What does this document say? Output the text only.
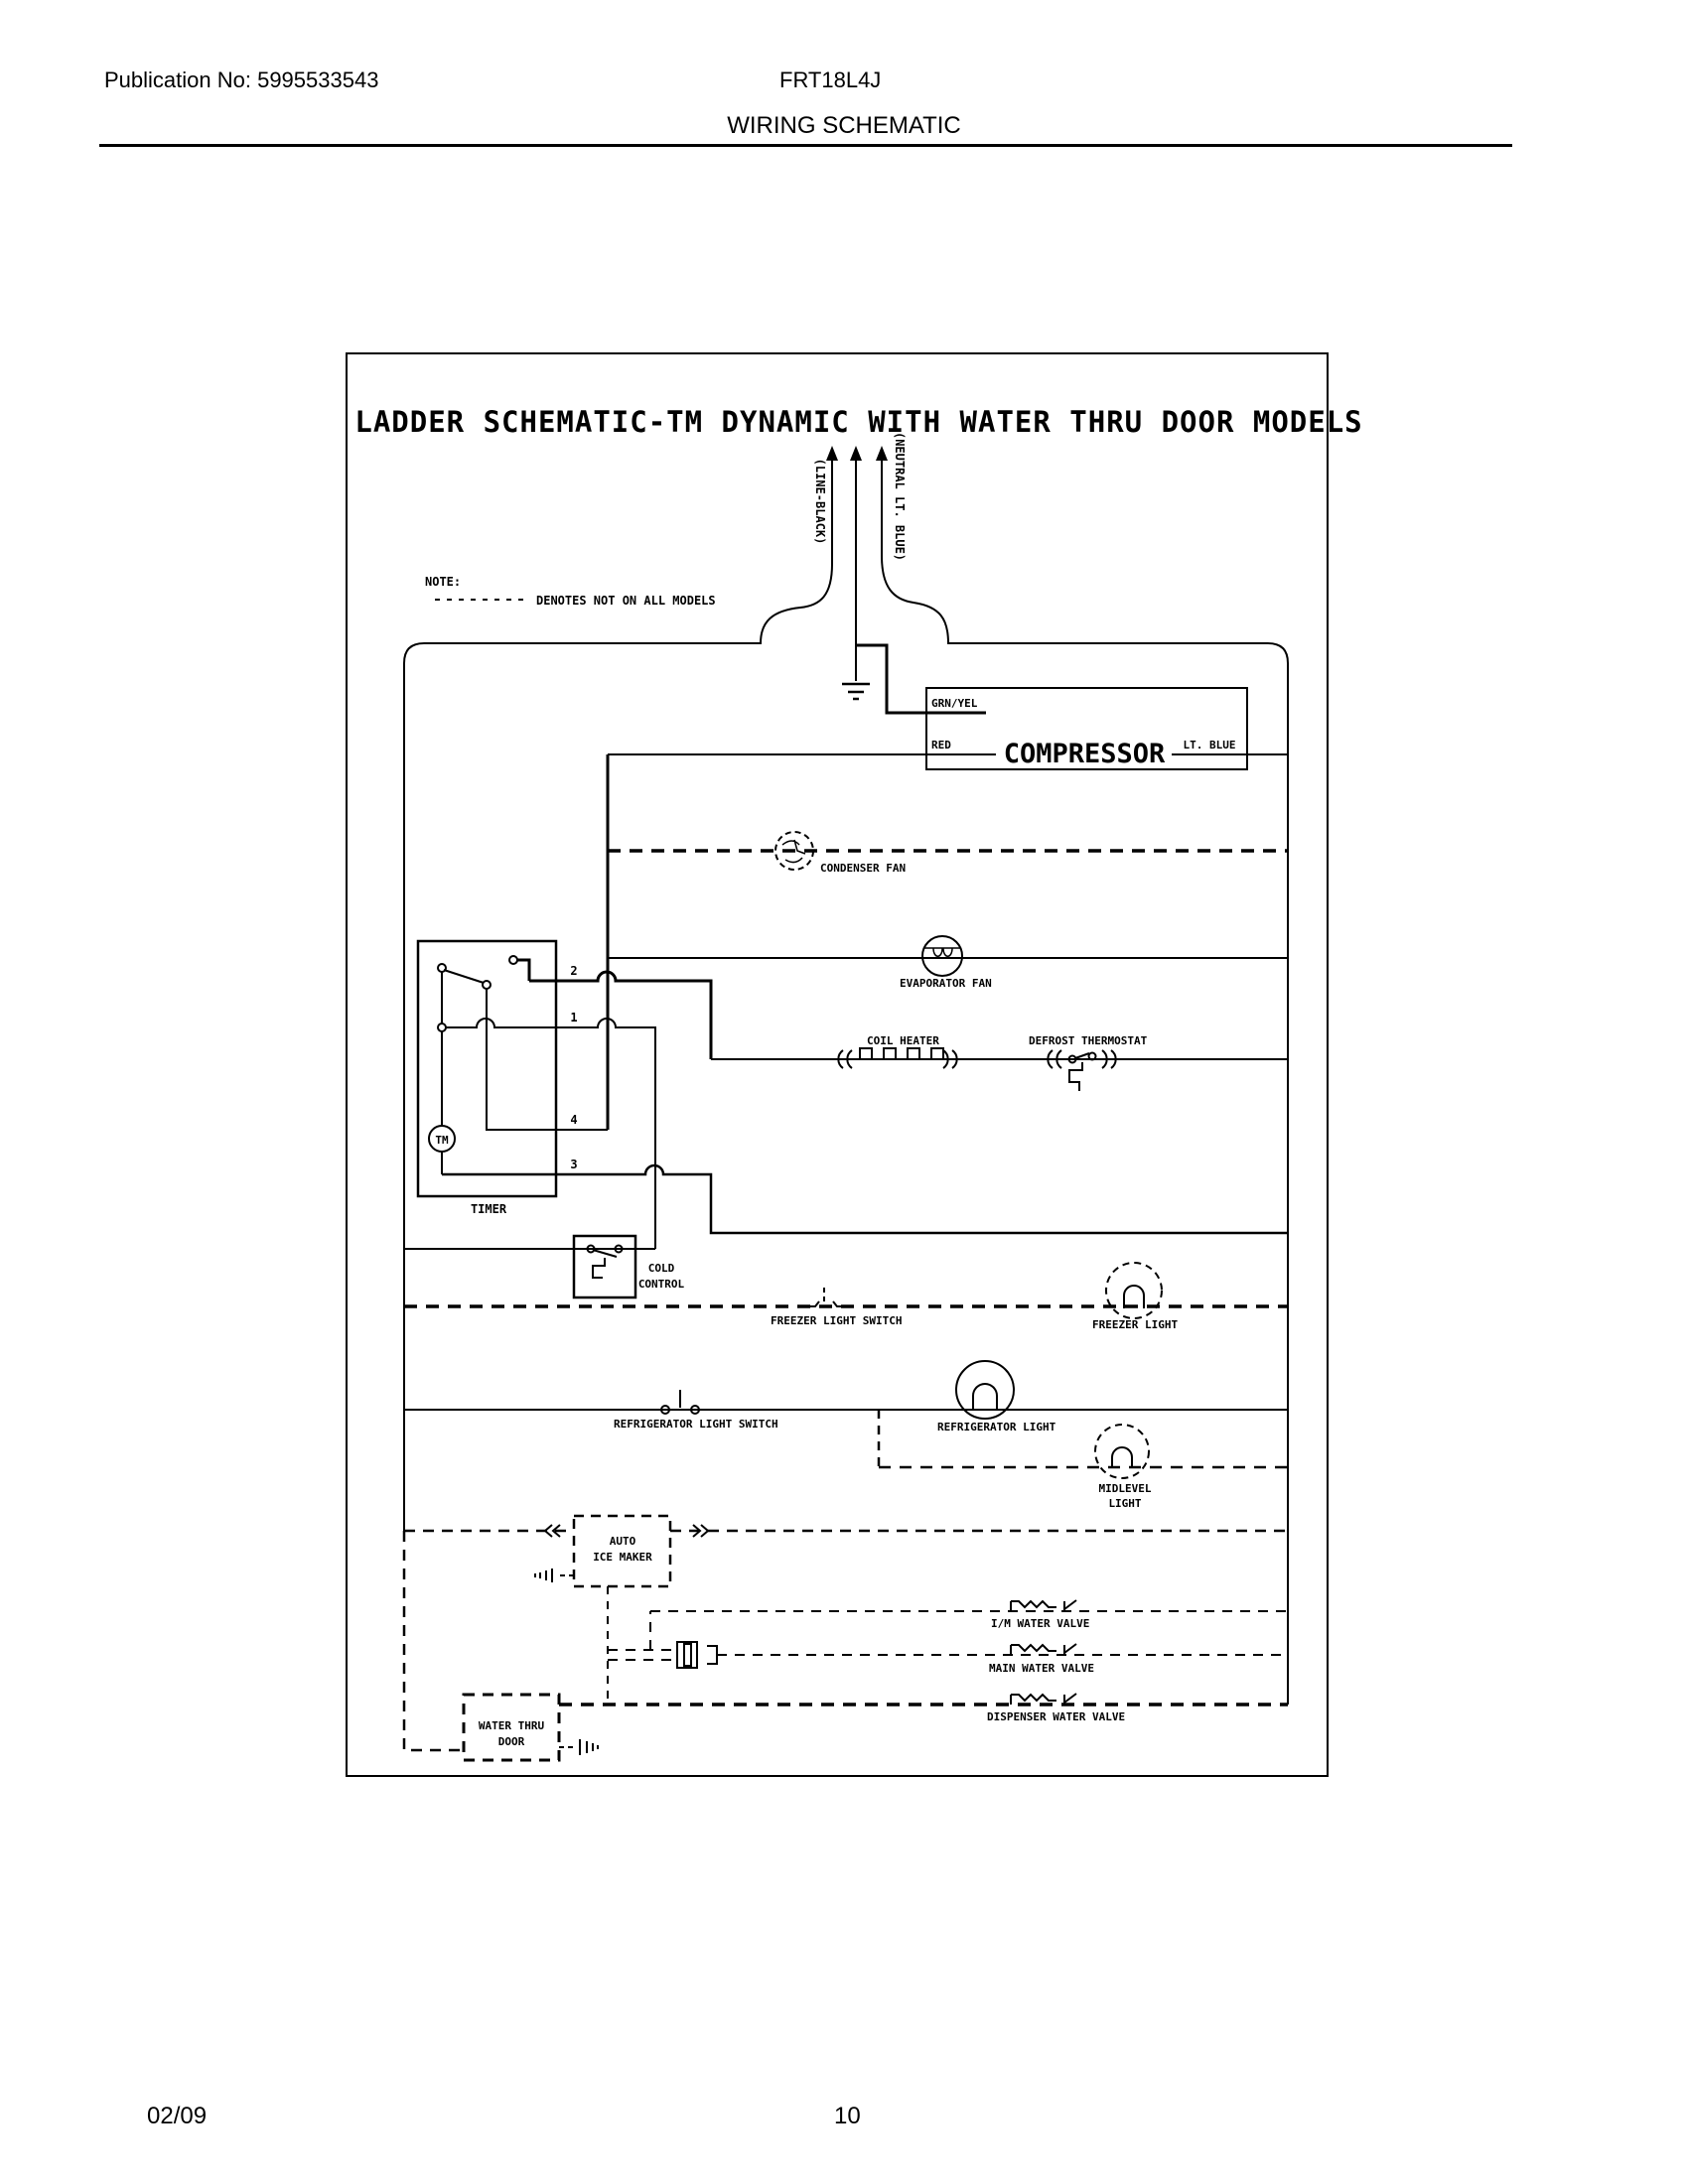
Publication No: 5995533543	FRT18L4J
WIRING SCHEMATIC
LADDER SCHEMATIC-TM DYNAMIC WITH WATER THRU DOOR MODELS
(LINE-BLACK)	(NEUTRAL LT. BLUE)
NOTE:
DENOTES NOT ON ALL MODELS
GRN/YEL
RED COMPRESSOR LT. BLUE
CONDENSER FAN
EVAPORATOR FAN
COIL HEATER	DEFROST THERMOSTAT
TM
2
1
4
3
TIMER
COLD
CONTROL
FREEZER LIGHT SWITCH	FREEZER LIGHT
REFRIGERATOR LIGHT SWITCH	REFRIGERATOR LIGHT
MIDLEVEL
LIGHT
AUTO
ICE MAKER
I/M WATER VALVE
MAIN WATER VALVE
DISPENSER WATER VALVE
WATER THRU
DOOR
02/09	10
